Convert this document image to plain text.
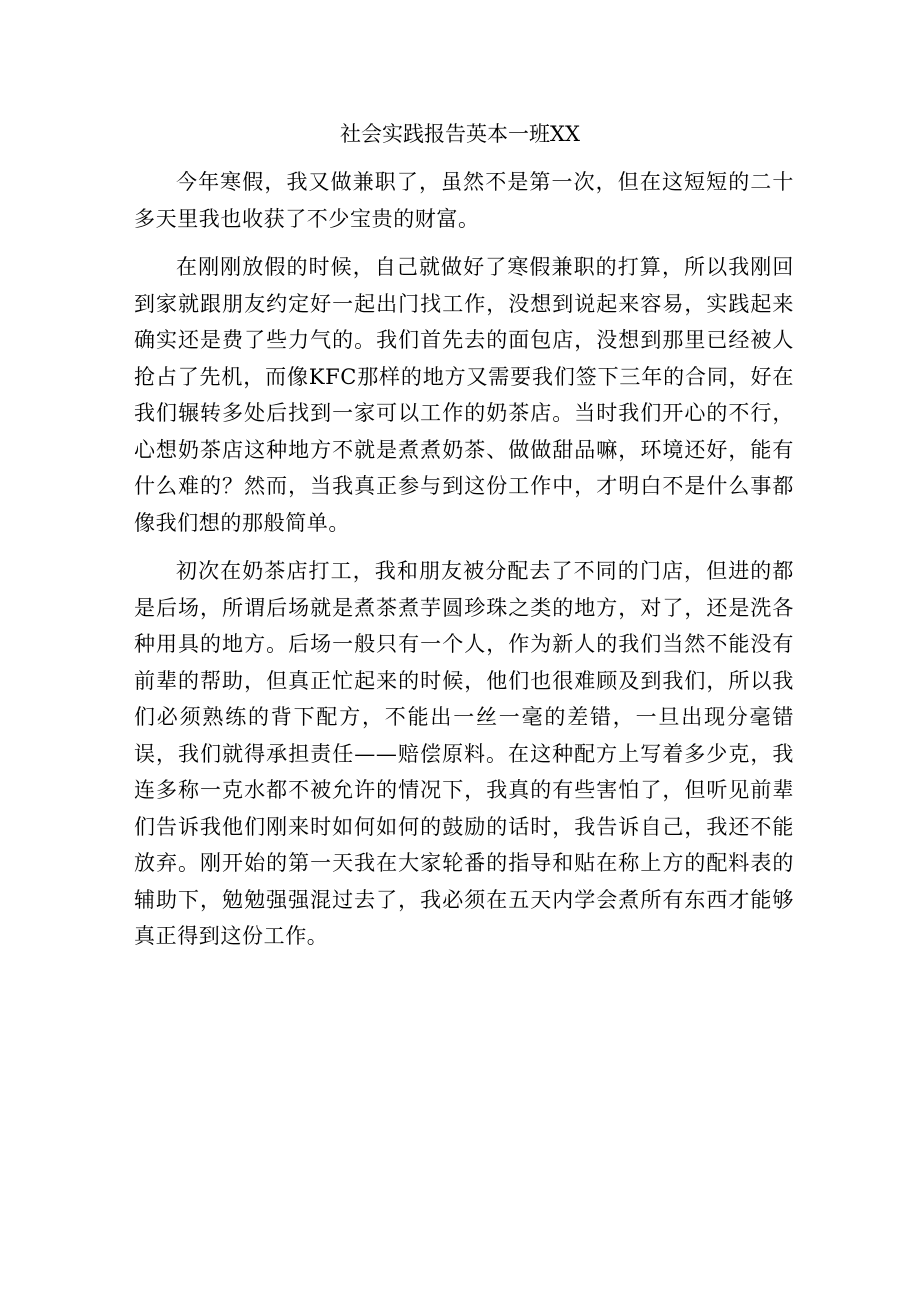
社会实践报告英本一班XX

今年寒假，我又做兼职了，虽然不是第一次，但在这短短的二十多天里我也收获了不少宝贵的财富。

在刚刚放假的时候，自己就做好了寒假兼职的打算，所以我刚回到家就跟朋友约定好一起出门找工作，没想到说起来容易，实践起来确实还是费了些力气的。我们首先去的面包店，没想到那里已经被人抢占了先机，而像KFC那样的地方又需要我们签下三年的合同，好在我们辗转多处后找到一家可以工作的奶茶店。当时我们开心的不行，心想奶茶店这种地方不就是煮煮奶茶、做做甜品嘛，环境还好，能有什么难的？然而，当我真正参与到这份工作中，才明白不是什么事都像我们想的那般简单。

初次在奶茶店打工，我和朋友被分配去了不同的门店，但进的都是后场，所谓后场就是煮茶煮芋圆珍珠之类的地方，对了，还是洗各种用具的地方。后场一般只有一个人，作为新人的我们当然不能没有前辈的帮助，但真正忙起来的时候，他们也很难顾及到我们，所以我们必须熟练的背下配方，不能出一丝一毫的差错，一旦出现分毫错误，我们就得承担责任——赔偿原料。在这种配方上写着多少克，我连多称一克水都不被允许的情况下，我真的有些害怕了，但听见前辈们告诉我他们刚来时如何如何的鼓励的话时，我告诉自己，我还不能放弃。刚开始的第一天我在大家轮番的指导和贴在称上方的配料表的辅助下，勉勉强强混过去了，我必须在五天内学会煮所有东西才能够真正得到这份工作。
